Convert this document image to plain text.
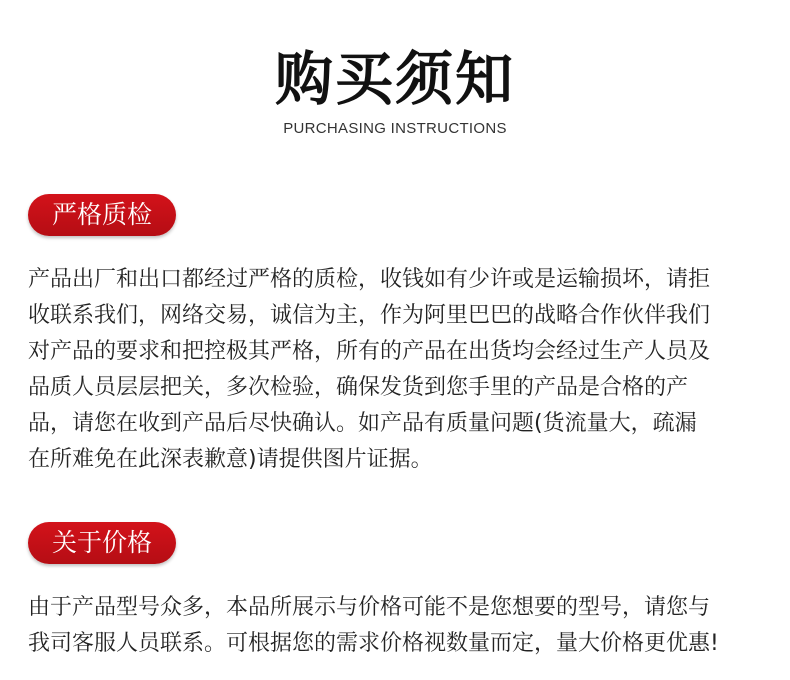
购买须知
PURCHASING INSTRUCTIONS
严格质检
产品出厂和出口都经过严格的质检，收钱如有少许或是运输损坏，请拒
收联系我们，网络交易，诚信为主，作为阿里巴巴的战略合作伙伴我们
对产品的要求和把控极其严格，所有的产品在出货均会经过生产人员及
品质人员层层把关，多次检验，确保发货到您手里的产品是合格的产
品，请您在收到产品后尽快确认。如产品有质量问题(货流量大，疏漏
在所难免在此深表歉意)请提供图片证据。
关于价格
由于产品型号众多，本品所展示与价格可能不是您想要的型号，请您与
我司客服人员联系。可根据您的需求价格视数量而定，量大价格更优惠!
